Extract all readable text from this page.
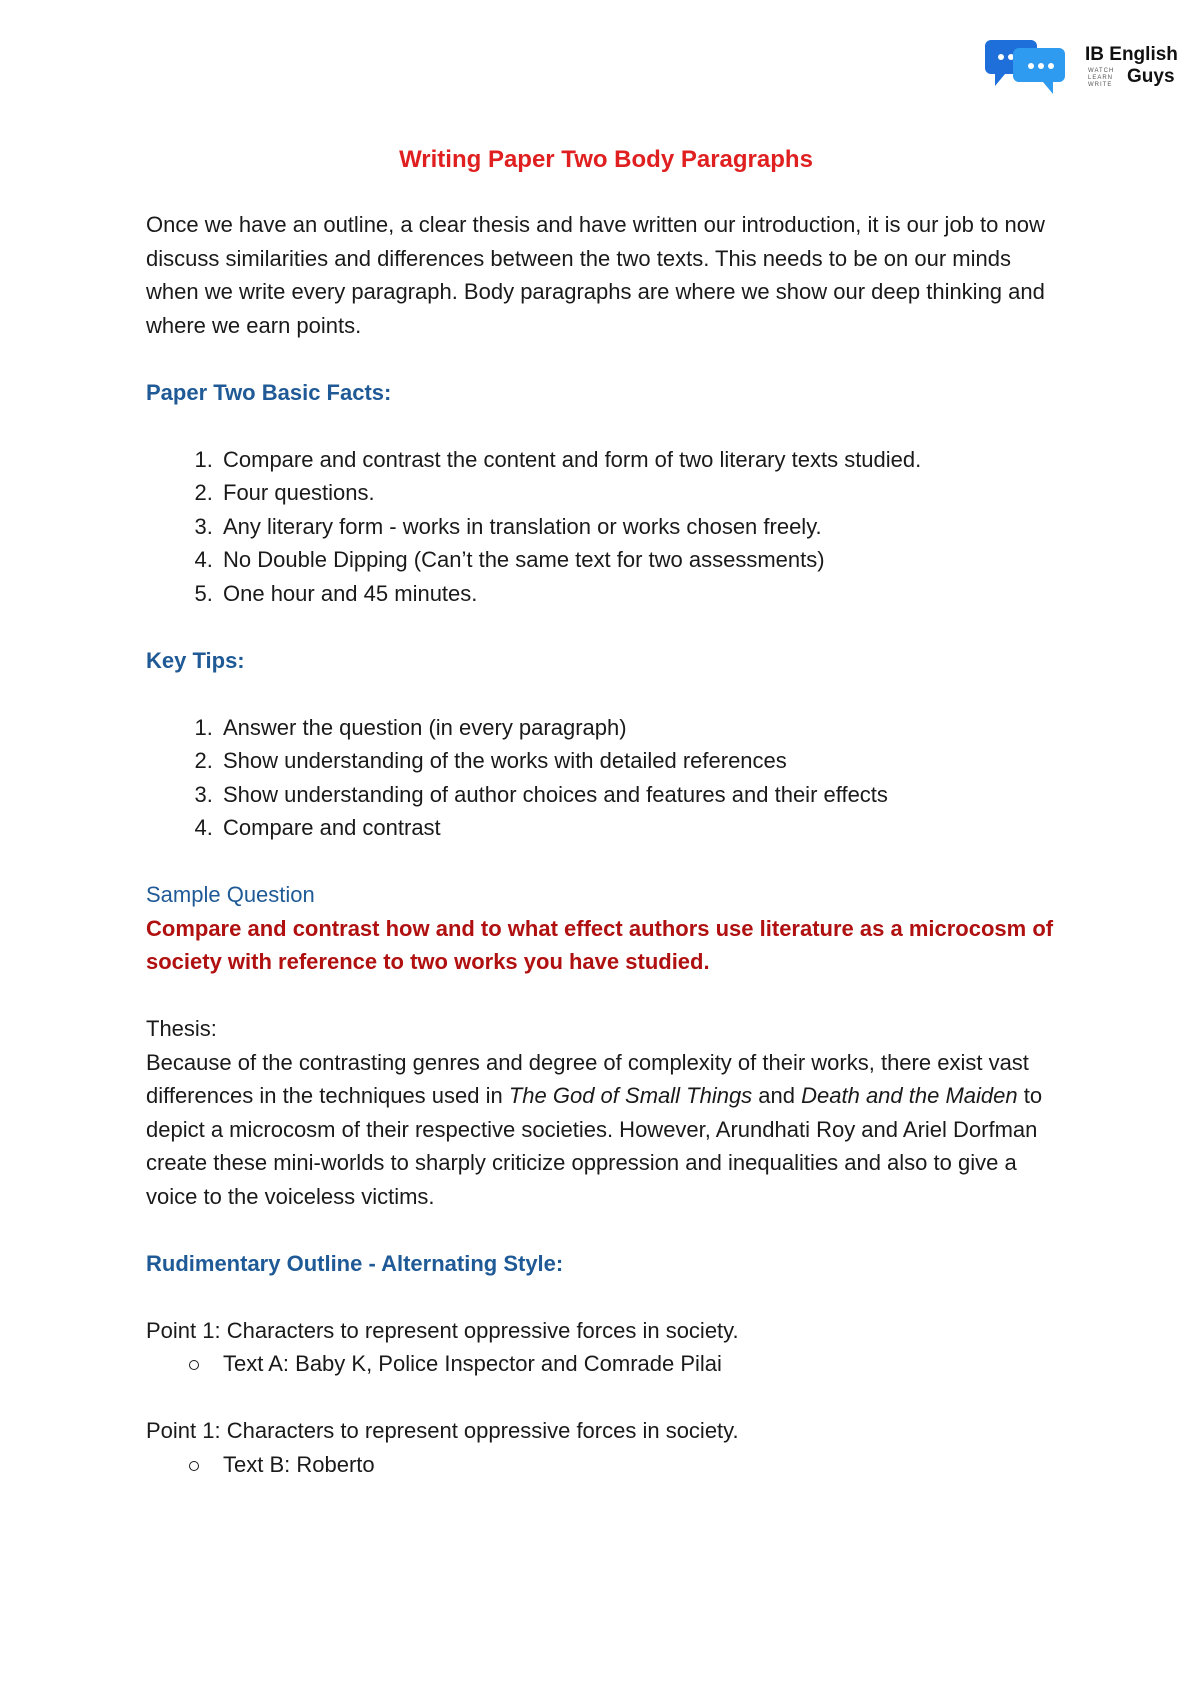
IB English
Guys
WATCH LEARN WRITE
Writing Paper Two Body Paragraphs

Once we have an outline, a clear thesis and have written our introduction, it is our job to now discuss similarities and differences between the two texts. This needs to be on our minds when we write every paragraph. Body paragraphs are where we show our deep thinking and where we earn points.

Paper Two Basic Facts:

1. Compare and contrast the content and form of two literary texts studied.
2. Four questions.
3. Any literary form - works in translation or works chosen freely.
4. No Double Dipping (Can’t the same text for two assessments)
5. One hour and 45 minutes.

Key Tips:

1. Answer the question (in every paragraph)
2. Show understanding of the works with detailed references
3. Show understanding of author choices and features and their effects
4. Compare and contrast

Sample Question

Compare and contrast how and to what effect authors use literature as a microcosm of society with reference to two works you have studied.

Thesis:

Because of the contrasting genres and degree of complexity of their works, there exist vast differences in the techniques used in The God of Small Things and Death and the Maiden to depict a microcosm of their respective societies. However, Arundhati Roy and Ariel Dorfman create these mini-worlds to sharply criticize oppression and inequalities and also to give a voice to the voiceless victims.

Rudimentary Outline - Alternating Style:

Point 1: Characters to represent oppressive forces in society.

Text A: Baby K, Police Inspector and Comrade Pilai

Point 1: Characters to represent oppressive forces in society.

Text B: Roberto
